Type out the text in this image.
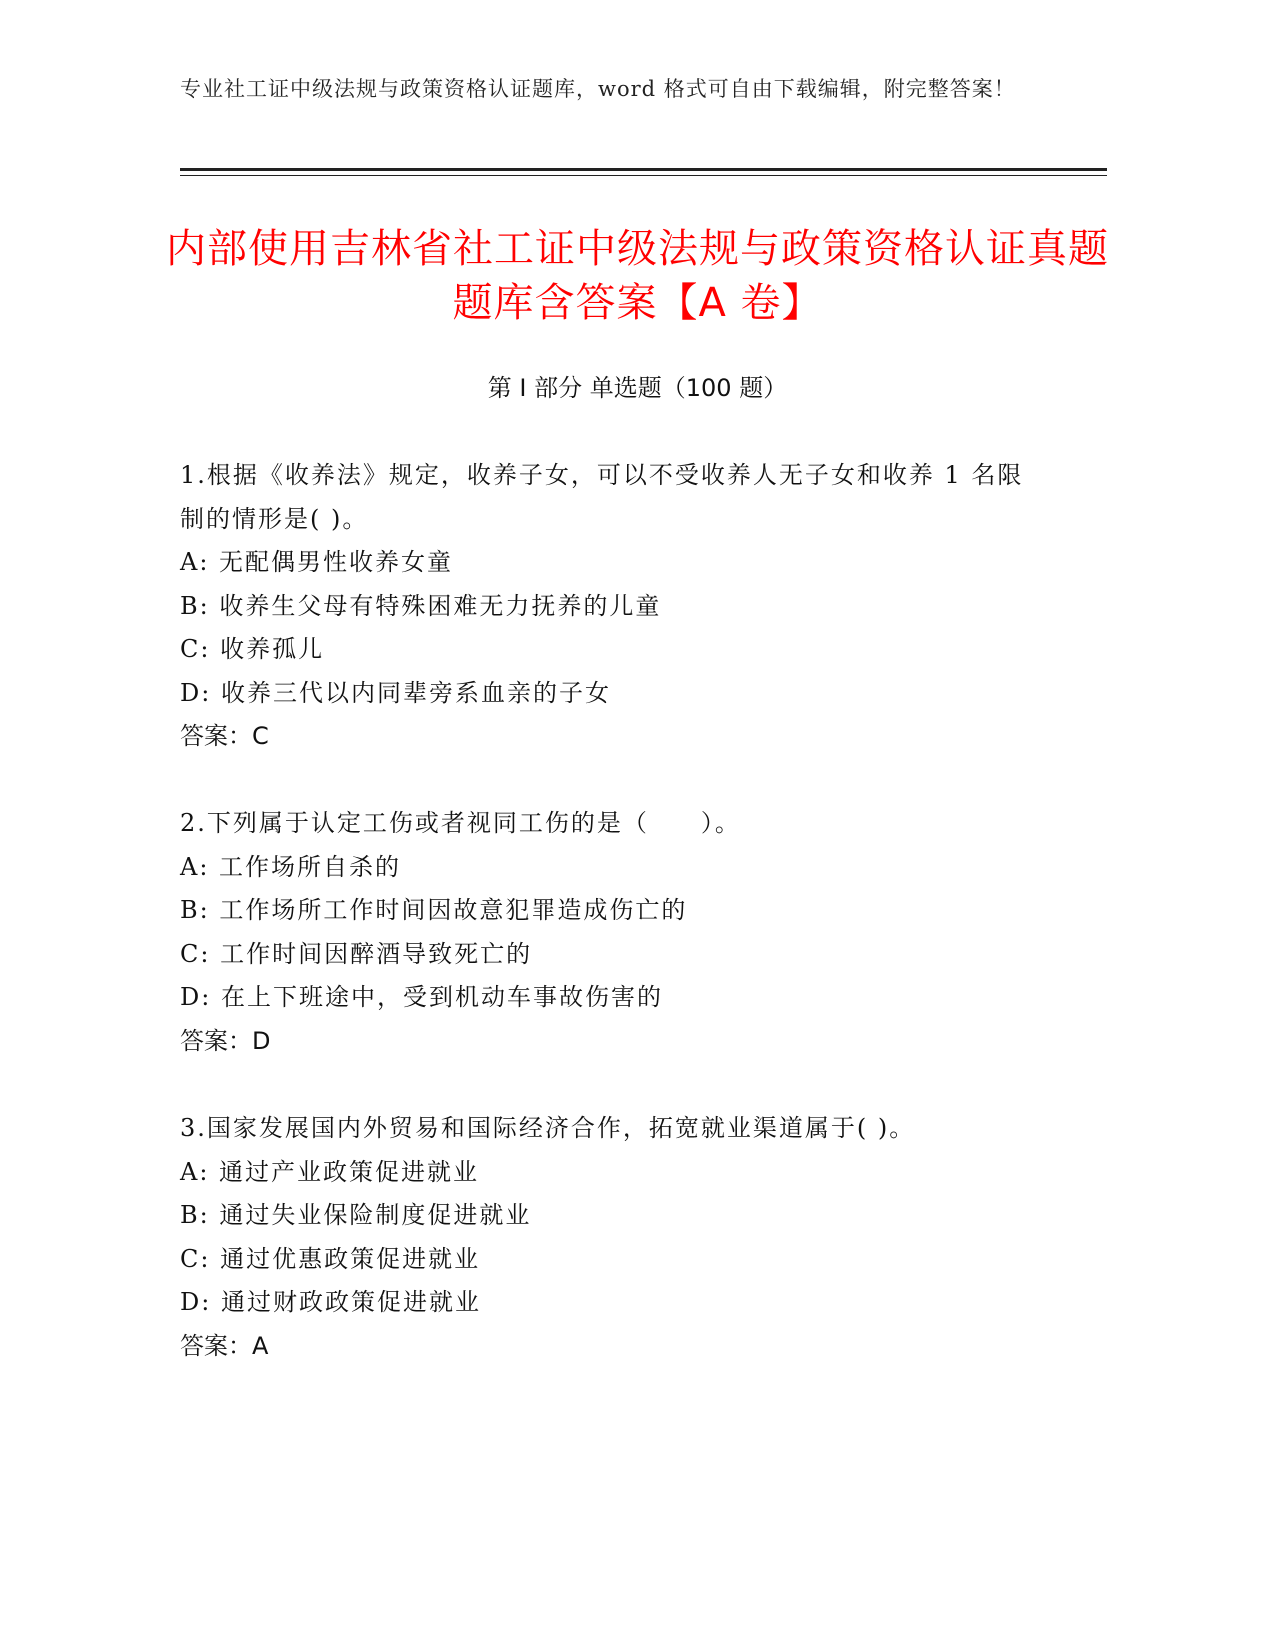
专业社工证中级法规与政策资格认证题库，word 格式可自由下载编辑，附完整答案！
内部使用吉林省社工证中级法规与政策资格认证真题题库含答案【A 卷】
第 I 部分 单选题（100 题）
1.根据《收养法》规定，收养子女，可以不受收养人无子女和收养 1 名限制的情形是( )。
A: 无配偶男性收养女童
B: 收养生父母有特殊困难无力抚养的儿童
C: 收养孤儿
D: 收养三代以内同辈旁系血亲的子女
答案：C
2.下列属于认定工伤或者视同工伤的是（　　）。
A: 工作场所自杀的
B: 工作场所工作时间因故意犯罪造成伤亡的
C: 工作时间因醉酒导致死亡的
D: 在上下班途中，受到机动车事故伤害的
答案：D
3.国家发展国内外贸易和国际经济合作，拓宽就业渠道属于( )。
A: 通过产业政策促进就业
B: 通过失业保险制度促进就业
C: 通过优惠政策促进就业
D: 通过财政政策促进就业
答案：A
